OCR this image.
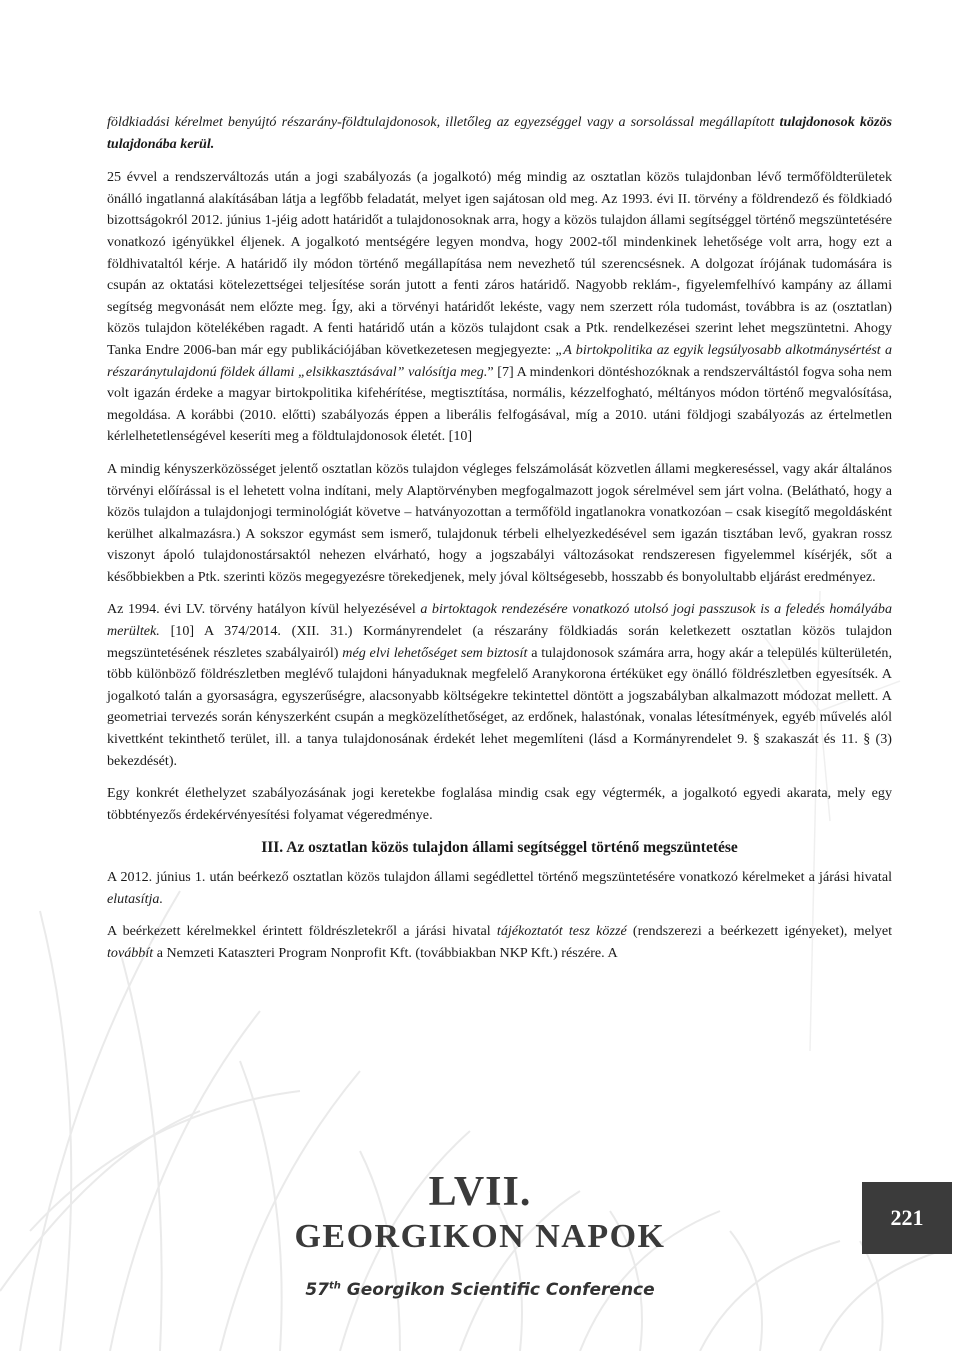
földkiadási kérelmet benyújtó részarány-földtulajdonosok, illetőleg az egyezséggel vagy a sorsolással megállapított tulajdonosok közös tulajdonába kerül.

25 évvel a rendszerváltozás után a jogi szabályozás (a jogalkotó) még mindig az osztatlan közös tulajdonban lévő termőföldterületek önálló ingatlanná alakításában látja a legfőbb feladatát, melyet igen sajátosan old meg. Az 1993. évi II. törvény a földrendező és földkiadó bizottságokról 2012. június 1-jéig adott határidőt a tulajdonosoknak arra, hogy a közös tulajdon állami segítséggel történő megszüntetésére vonatkozó igényükkel éljenek. A jogalkotó mentségére legyen mondva, hogy 2002-től mindenkinek lehetősége volt arra, hogy ezt a földhivataltól kérje. A határidő ily módon történő megállapítása nem nevezhető túl szerencsésnek. A dolgozat írójának tudomására is csupán az oktatási kötelezettségei teljesítése során jutott a fenti záros határidő. Nagyobb reklám-, figyelemfelhívó kampány az állami segítség megvonását nem előzte meg. Így, aki a törvényi határidőt lekéste, vagy nem szerzett róla tudomást, továbbra is az (osztatlan) közös tulajdon kötelékében ragadt. A fenti határidő után a közös tulajdont csak a Ptk. rendelkezései szerint lehet megszüntetni. Ahogy Tanka Endre 2006-ban már egy publikációjában következetesen megjegyezte: „A birtokpolitika az egyik legsúlyosabb alkotmánysértést a részaránytulajdonú földek állami „elsikkasztásával” valósítja meg.” [7] A mindenkori döntéshozóknak a rendszerváltástól fogva soha nem volt igazán érdeke a magyar birtokpolitika kifehérítése, megtisztítása, normális, kézzelfogható, méltányos módon történő megvalósítása, megoldása. A korábbi (2010. előtti) szabályozás éppen a liberális felfogásával, míg a 2010. utáni földjogi szabályozás az értelmetlen kérlelhetetlenségével keseríti meg a földtulajdonosok életét. [10]

A mindig kényszerközösséget jelentő osztatlan közös tulajdon végleges felszámolását közvetlen állami megkereséssel, vagy akár általános törvényi előírással is el lehetett volna indítani, mely Alaptörvényben megfogalmazott jogok sérelmével sem járt volna. (Belátható, hogy a közös tulajdon a tulajdonjogi terminológiát követve – hatványozottan a termőföld ingatlanokra vonatkozóan – csak kisegítő megoldásként kerülhet alkalmazásra.) A sokszor egymást sem ismerő, tulajdonuk térbeli elhelyezkedésével sem igazán tisztában levő, gyakran rossz viszonyt ápoló tulajdonostársaktól nehezen elvárható, hogy a jogszabályi változásokat rendszeresen figyelemmel kísérjék, sőt a későbbiekben a Ptk. szerinti közös megegyezésre törekedjenek, mely jóval költségesebb, hosszabb és bonyolultabb eljárást eredményez.

Az 1994. évi LV. törvény hatályon kívül helyezésével a birtoktagok rendezésére vonatkozó utolsó jogi passzusok is a feledés homályába merültek. [10] A 374/2014. (XII. 31.) Kormányrendelet (a részarány földkiadás során keletkezett osztatlan közös tulajdon megszüntetésének részletes szabályairól) még elvi lehetőséget sem biztosít a tulajdonosok számára arra, hogy akár a település külterületén, több különböző földrészletben meglévő tulajdoni hányaduknak megfelelő Aranykorona értéküket egy önálló földrészletben egyesítsék. A jogalkotó talán a gyorsaságra, egyszerűségre, alacsonyabb költségekre tekintettel döntött a jogszabályban alkalmazott módozat mellett. A geometriai tervezés során kényszerként csupán a megközelíthetőséget, az erdőnek, halastónak, vonalas létesítmények, egyéb művelés alól kivettként tekinthető terület, ill. a tanya tulajdonosának érdekét lehet megemlíteni (lásd a Kormányrendelet 9. § szakaszát és 11. § (3) bekezdését).

Egy konkrét élethelyzet szabályozásának jogi keretekbe foglalása mindig csak egy végtermék, a jogalkotó egyedi akarata, mely egy többtényezős érdekérvényesítési folyamat végeredménye.

III. Az osztatlan közös tulajdon állami segítséggel történő megszüntetése

A 2012. június 1. után beérkező osztatlan közös tulajdon állami segédlettel történő megszüntetésére vonatkozó kérelmeket a járási hivatal elutasítja.

A beérkezett kérelmekkel érintett földrészletekről a járási hivatal tájékoztatót tesz közzé (rendszerezi a beérkezett igényeket), melyet továbbít a Nemzeti Kataszteri Program Nonprofit Kft. (továbbiakban NKP Kft.) részére. A

LVII.
GEORGIKON NAPOK
57th Georgikon Scientific Conference
221
